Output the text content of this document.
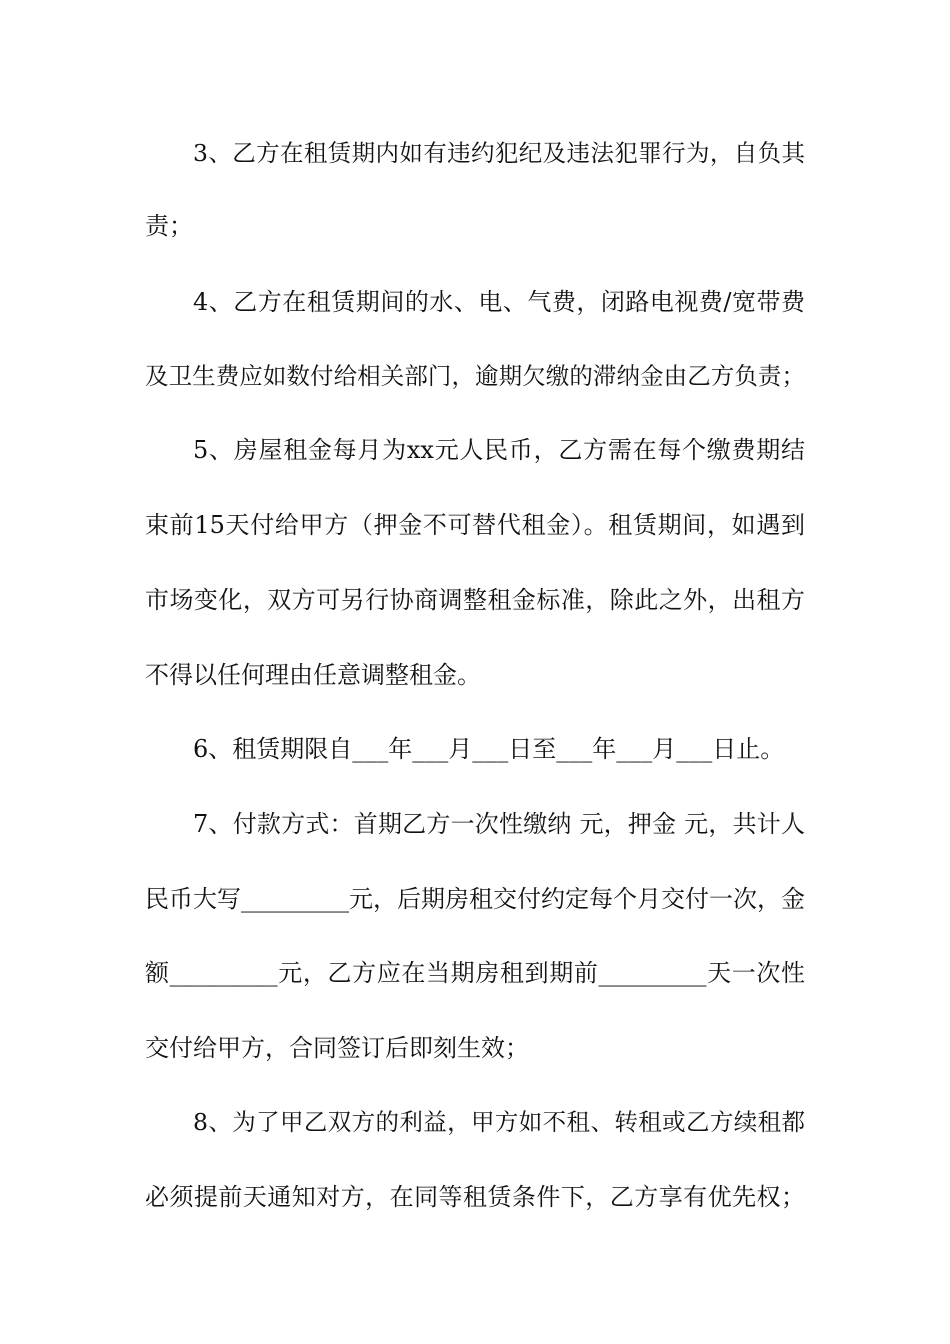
3、乙方在租赁期内如有违约犯纪及违法犯罪行为，自负其
责；
4、乙方在租赁期间的水、电、气费，闭路电视费/宽带费
及卫生费应如数付给相关部门，逾期欠缴的滞纳金由乙方负责；
5、房屋租金每月为xx元人民币，乙方需在每个缴费期结
束前15天付给甲方（押金不可替代租金）。租赁期间，如遇到
市场变化，双方可另行协商调整租金标准，除此之外，出租方
不得以任何理由任意调整租金。
6、租赁期限自___年___月___日至___年___月___日止。
7、付款方式：首期乙方一次性缴纳 元，押金 元，共计人
民币大写_________元，后期房租交付约定每个月交付一次，金
额_________元，乙方应在当期房租到期前_________天一次性
交付给甲方，合同签订后即刻生效；
8、为了甲乙双方的利益，甲方如不租、转租或乙方续租都
必须提前天通知对方，在同等租赁条件下，乙方享有优先权；
